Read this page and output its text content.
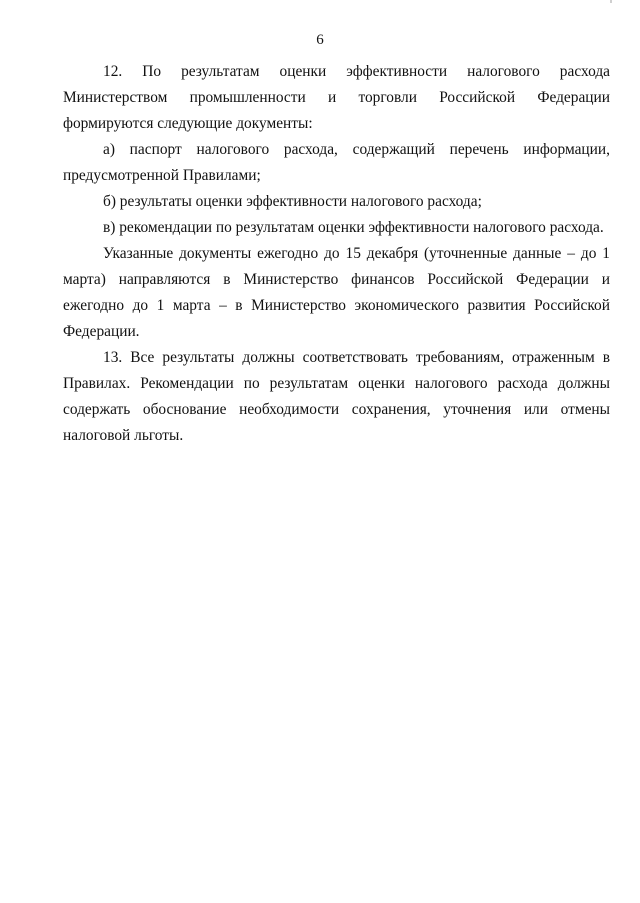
6

12. По результатам оценки эффективности налогового расхода Министерством промышленности и торговли Российской Федерации формируются следующие документы:

а) паспорт налогового расхода, содержащий перечень информации, предусмотренной Правилами;

б) результаты оценки эффективности налогового расхода;

в) рекомендации по результатам оценки эффективности налогового расхода.

Указанные документы ежегодно до 15 декабря (уточненные данные – до 1 марта) направляются в Министерство финансов Российской Федерации и ежегодно до 1 марта – в Министерство экономического развития Российской Федерации.

13. Все результаты должны соответствовать требованиям, отраженным в Правилах. Рекомендации по результатам оценки налогового расхода должны содержать обоснование необходимости сохранения, уточнения или отмены налоговой льготы.
